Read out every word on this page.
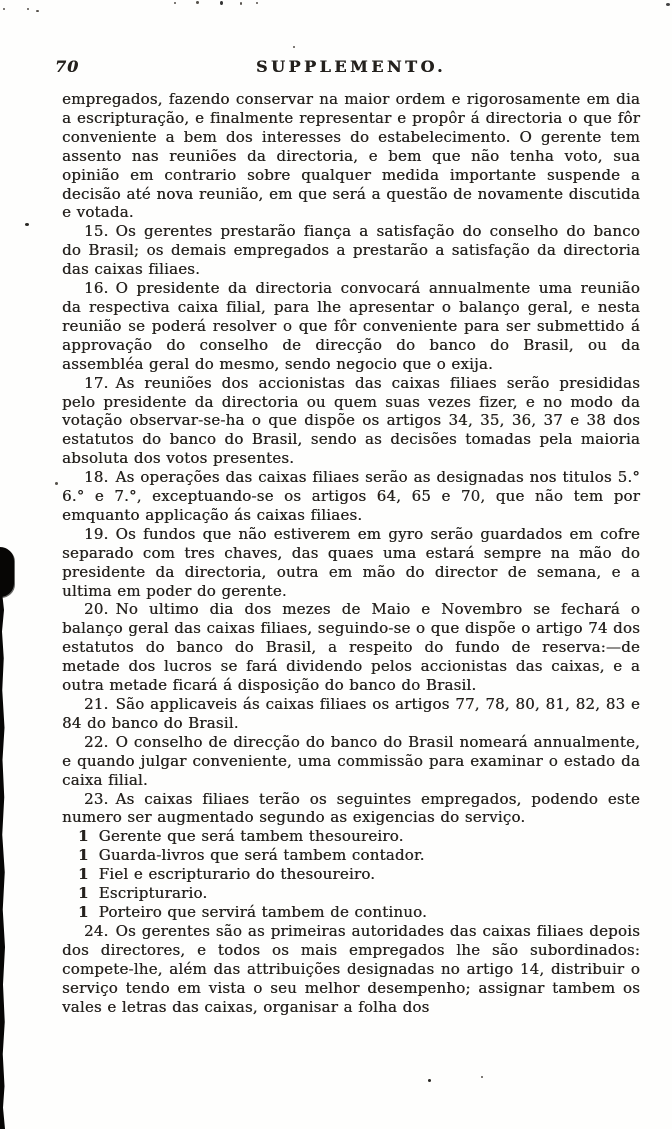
70	SUPPLEMENTO.

empregados, fazendo conservar na maior ordem e rigorosamente em dia a escripturação, e finalmente representar e propôr á directoria o que fôr conveniente a bem dos interesses do estabelecimento. O gerente tem assento nas reuniões da directoria, e bem que não tenha voto, sua opinião em contrario sobre qualquer medida importante suspende a decisão até nova reunião, em que será a questão de novamente discutida e votada.

15. Os gerentes prestarão fiança a satisfação do conselho do banco do Brasil; os demais empregados a prestarão a satisfação da directoria das caixas filiaes.

16. O presidente da directoria convocará annualmente uma reunião da respectiva caixa filial, para lhe apresentar o balanço geral, e nesta reunião se poderá resolver o que fôr conveniente para ser submettido á approvação do conselho de direcção do banco do Brasil, ou da assembléa geral do mesmo, sendo negocio que o exija.

17. As reuniões dos accionistas das caixas filiaes serão presididas pelo presidente da directoria ou quem suas vezes fizer, e no modo da votação observar-se-ha o que dispõe os artigos 34, 35, 36, 37 e 38 dos estatutos do banco do Brasil, sendo as decisões tomadas pela maioria absoluta dos votos presentes.

18. As operações das caixas filiaes serão as designadas nos titulos 5.° 6.° e 7.°, exceptuando-se os artigos 64, 65 e 70, que não tem por emquanto applicação ás caixas filiaes.

19. Os fundos que não estiverem em gyro serão guardados em cofre separado com tres chaves, das quaes uma estará sempre na mão do presidente da directoria, outra em mão do director de semana, e a ultima em poder do gerente.

20. No ultimo dia dos mezes de Maio e Novembro se fechará o balanço geral das caixas filiaes, seguindo-se o que dispõe o artigo 74 dos estatutos do banco do Brasil, a respeito do fundo de reserva:—de metade dos lucros se fará dividendo pelos accionistas das caixas, e a outra metade ficará á disposição do banco do Brasil.

21. São applicaveis ás caixas filiaes os artigos 77, 78, 80, 81, 82, 83 e 84 do banco do Brasil.

22. O conselho de direcção do banco do Brasil nomeará annualmente, e quando julgar conveniente, uma commissão para examinar o estado da caixa filial.

23. As caixas filiaes terão os seguintes empregados, podendo este numero ser augmentado segundo as exigencias do serviço.

1 Gerente que será tambem thesoureiro.
1 Guarda-livros que será tambem contador.
1 Fiel e escripturario do thesoureiro.
1 Escripturario.
1 Porteiro que servirá tambem de continuo.

24. Os gerentes são as primeiras autoridades das caixas filiaes depois dos directores, e todos os mais empregados lhe são subordinados: compete-lhe, além das attribuições designadas no artigo 14, distribuir o serviço tendo em vista o seu melhor desempenho; assignar tambem os vales e letras das caixas, organisar a folha dos
